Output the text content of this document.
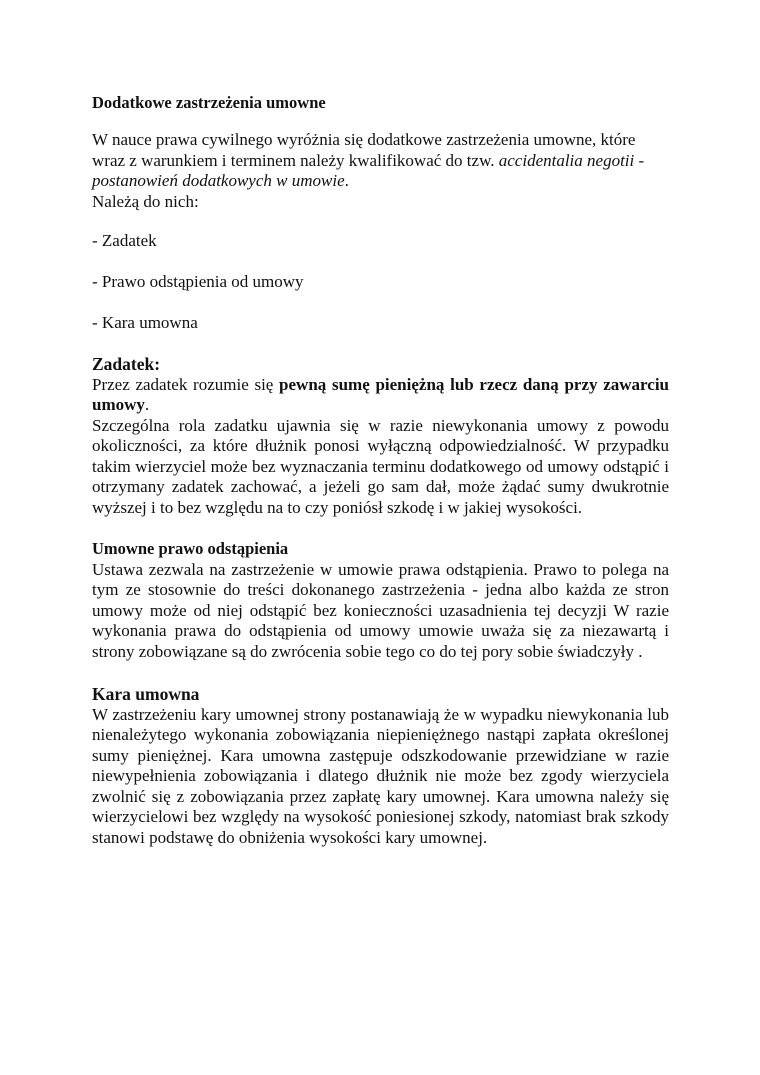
Dodatkowe zastrzeżenia umowne

W nauce prawa cywilnego wyróżnia się dodatkowe zastrzeżenia umowne, które wraz z warunkiem i terminem należy kwalifikować do tzw. accidentalia negotii - postanowień dodatkowych w umowie.
Należą do nich:

- Zadatek

- Prawo odstąpienia od umowy

- Kara umowna

Zadatek:

Przez zadatek rozumie się pewną sumę pieniężną lub rzecz daną przy zawarciu umowy.

Szczególna rola zadatku ujawnia się w razie niewykonania umowy z powodu okoliczności, za które dłużnik ponosi wyłączną odpowiedzialność. W przypadku takim wierzyciel może bez wyznaczania terminu dodatkowego od umowy odstąpić i otrzymany zadatek zachować, a jeżeli go sam dał, może żądać sumy dwukrotnie wyższej i to bez względu na to czy poniósł szkodę i w jakiej wysokości.

Umowne prawo odstąpienia

Ustawa zezwala na zastrzeżenie w umowie prawa odstąpienia. Prawo to polega na tym ze stosownie do treści dokonanego zastrzeżenia - jedna albo każda ze stron umowy może od niej odstąpić bez konieczności uzasadnienia tej decyzji W razie wykonania prawa do odstąpienia od umowy umowie uważa się za niezawartą i strony zobowiązane są do zwrócenia sobie tego co do tej pory sobie świadczyły .

Kara umowna

W zastrzeżeniu kary umownej strony postanawiają że w wypadku niewykonania lub nienależytego wykonania zobowiązania niepieniężnego nastąpi zapłata określonej sumy pieniężnej. Kara umowna zastępuje odszkodowanie przewidziane w razie niewypełnienia zobowiązania i dlatego dłużnik nie może bez zgody wierzyciela zwolnić się z zobowiązania przez zapłatę kary umownej. Kara umowna należy się wierzycielowi bez względy na wysokość poniesionej szkody, natomiast brak szkody stanowi podstawę do obniżenia wysokości kary umownej.
